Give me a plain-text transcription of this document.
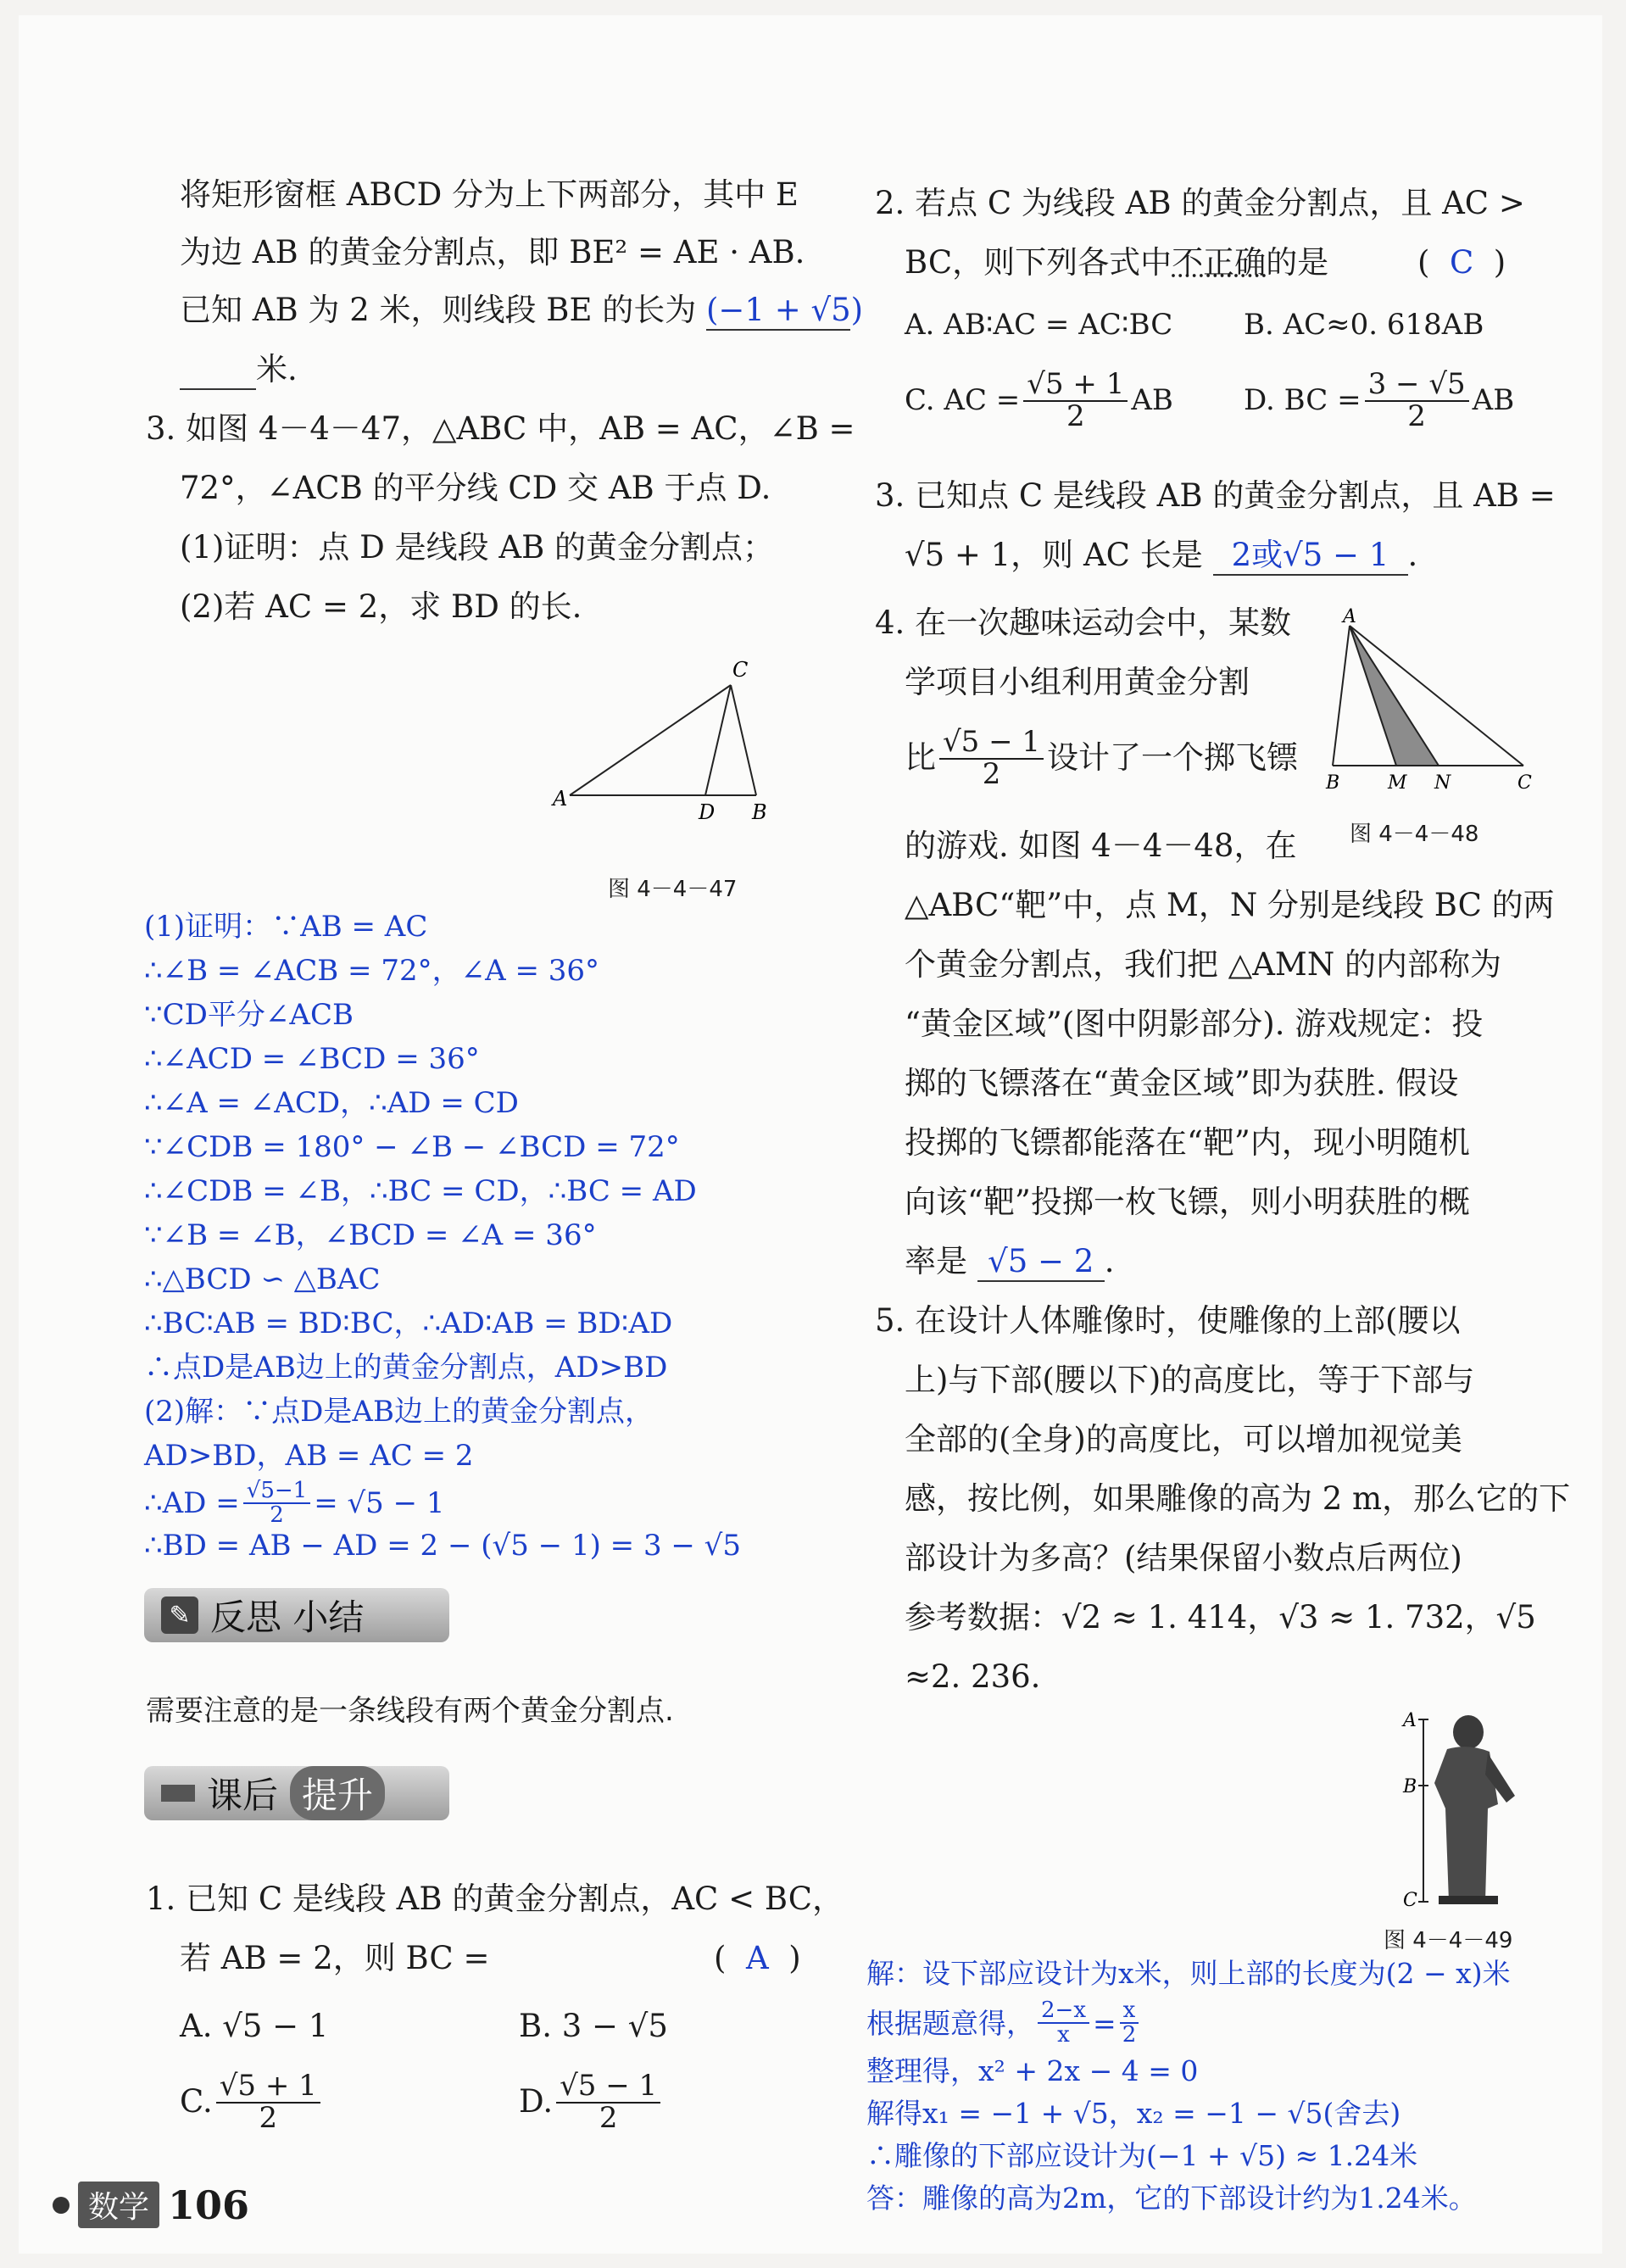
将矩形窗框 ABCD 分为上下两部分，其中 E
为边 AB 的黄金分割点，即 BE² = AE · AB.
已知 AB 为 2 米，则线段 BE 的长为 (−1 + √5)
米.
3. 如图 4－4－47，△ABC 中，AB = AC，∠B =
72°，∠ACB 的平分线 CD 交 AB 于点 D.
(1)证明：点 D 是线段 AB 的黄金分割点；
(2)若 AC = 2，求 BD 的长.
A
B
C
D
图 4－4－47
(1)证明：∵AB = AC
∴∠B = ∠ACB = 72°，∠A = 36°
∵CD平分∠ACB
∴∠ACD = ∠BCD = 36°
∴∠A = ∠ACD，∴AD = CD
∵∠CDB = 180° − ∠B − ∠BCD = 72°
∴∠CDB = ∠B，∴BC = CD，∴BC = AD
∵∠B = ∠B，∠BCD = ∠A = 36°
∴△BCD ∽ △BAC
∴BC∶AB = BD∶BC，∴AD∶AB = BD∶AD
∴点D是AB边上的黄金分割点，AD>BD
(2)解：∵点D是AB边上的黄金分割点，
AD>BD，AB = AC = 2
∴AD = $\frac{√5-1}{2} = √5 - 1$
∴BD = AB − AD = 2 − (√5 − 1) = 3 − √5
✎ 反思 小结
需要注意的是一条线段有两个黄金分割点.
课后 提升
1. 已知 C 是线段 AB 的黄金分割点，AC < BC，
若 AB = 2，则 BC =	(  A  )
A. √5 − 1	B. 3 − √5
C. $\frac{√5 + 1}{2}$	D. $\frac{√5 - 1}{2}$
2. 若点 C 为线段 AB 的黄金分割点，且 AC >
BC，则下列各式中不正确的是	(  C  )
A. AB∶AC = AC∶BC B. AC≈0. 618AB
C. AC = $\frac{√5 + 1}{2}$ AB D. BC = $\frac{3 - √5}{2}$ AB
3. 已知点 C 是线段 AB 的黄金分割点，且 AB =
√5 + 1，则 AC 长是 2或√5 − 1 .
4. 在一次趣味运动会中，某数
学项目小组利用黄金分割
比 $\frac{√5 - 1}{2}$ 设计了一个掷飞镖
的游戏. 如图 4－4－48，在
A
B	M N	C
图 4－4－48
△ABC“靶”中，点 M，N 分别是线段 BC 的两
个黄金分割点，我们把 △AMN 的内部称为
“黄金区域”(图中阴影部分). 游戏规定：投
掷的飞镖落在“黄金区域”即为获胜. 假设
投掷的飞镖都能落在“靶”内，现小明随机
向该“靶”投掷一枚飞镖，则小明获胜的概
率是 √5 − 2 .
5. 在设计人体雕像时，使雕像的上部(腰以
上)与下部(腰以下)的高度比，等于下部与
全部的(全身)的高度比，可以增加视觉美
感，按比例，如果雕像的高为 2 m，那么它的下
部设计为多高？(结果保留小数点后两位)
参考数据：√2 ≈ 1. 414，√3 ≈ 1. 732，√5
≈2. 236.
A
B
C
图 4－4－49
解：设下部应设计为x米，则上部的长度为(2 − x)米
根据题意得， $\frac{2-x}{x} = \frac{x}{2}$
整理得，x² + 2x − 4 = 0
解得x₁ = −1 + √5，x₂ = −1 − √5(舍去)
∴雕像的下部应设计为(−1 + √5) ≈ 1.24米
答：雕像的高为2m，它的下部设计约为1.24米。
数学 106
